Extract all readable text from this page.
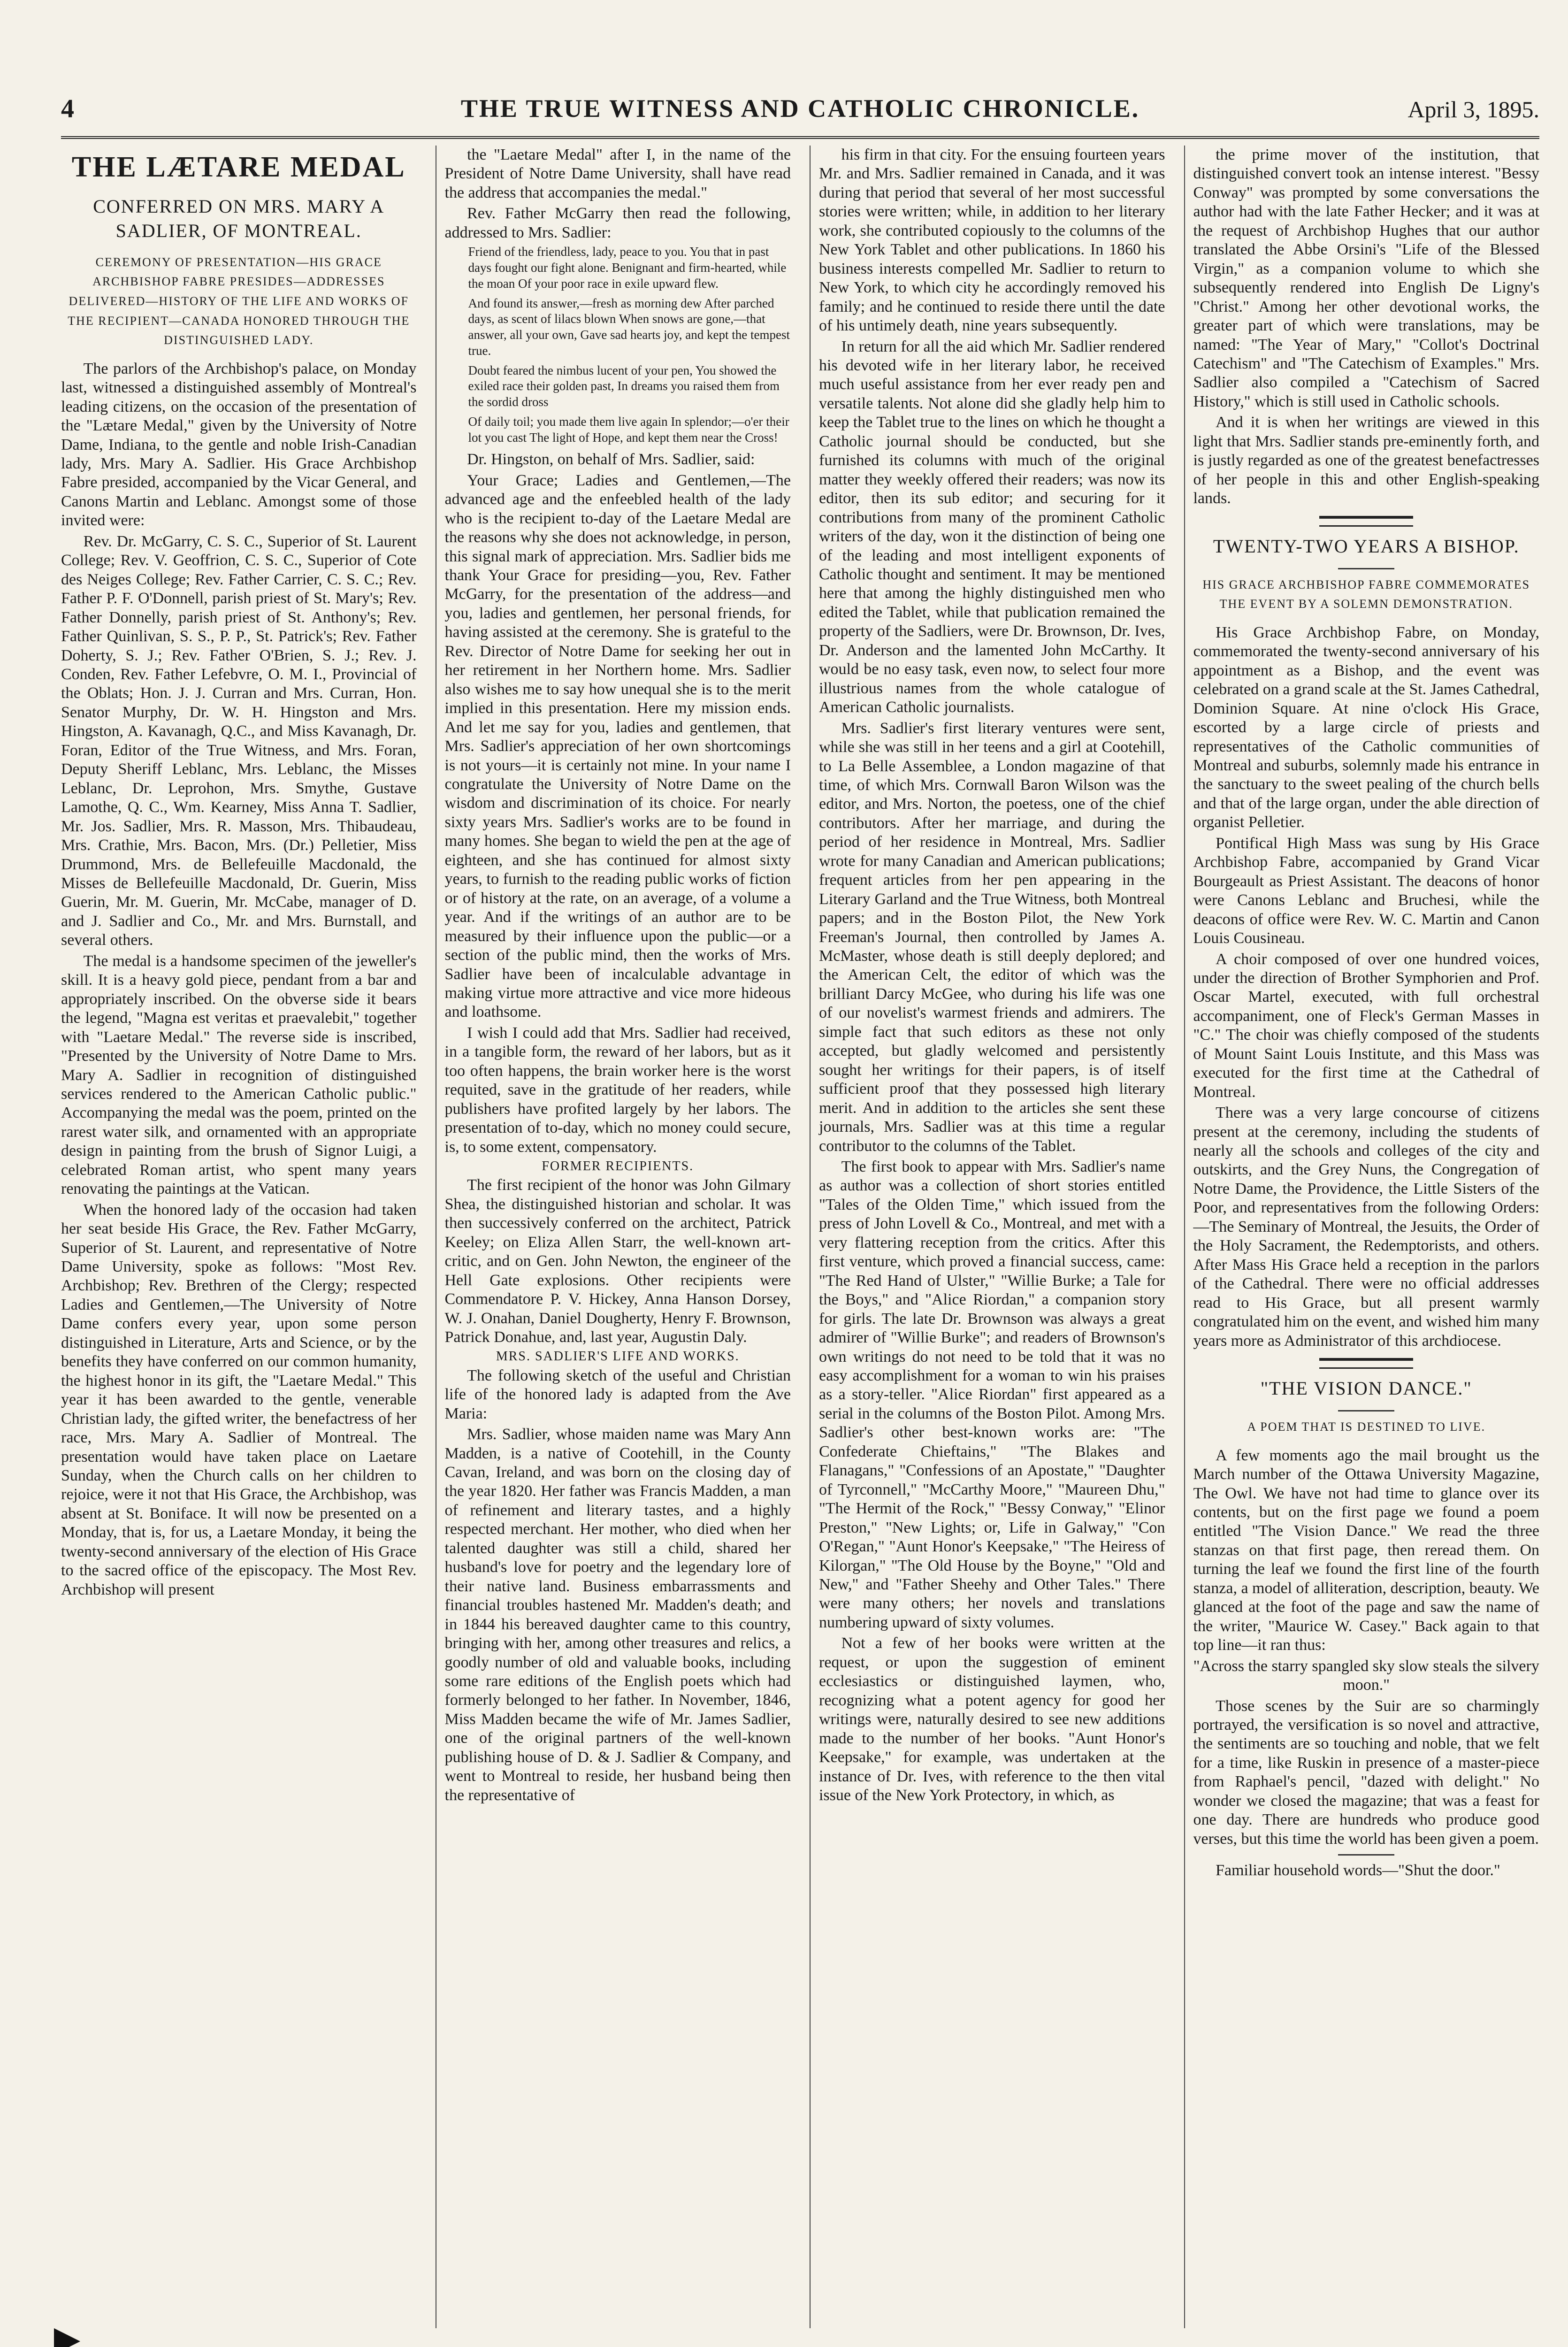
4	THE TRUE WITNESS AND CATHOLIC CHRONICLE.	April 3, 1895.
THE LÆTARE MEDAL
CONFERRED ON MRS. MARY A SADLIER, OF MONTREAL.
CEREMONY OF PRESENTATION—HIS GRACE ARCHBISHOP FABRE PRESIDES—ADDRESSES DELIVERED—HISTORY OF THE LIFE AND WORKS OF THE RECIPIENT—CANADA HONORED THROUGH THE DISTINGUISHED LADY.

The parlors of the Archbishop's palace, on Monday last, witnessed a distinguished assembly of Montreal's leading citizens, on the occasion of the presentation of the "Lætare Medal," given by the University of Notre Dame, Indiana, to the gentle and noble Irish-Canadian lady, Mrs. Mary A. Sadlier. His Grace Archbishop Fabre presided, accompanied by the Vicar General, and Canons Martin and Leblanc. Amongst some of those invited were:

Rev. Dr. McGarry, C. S. C., Superior of St. Laurent College; Rev. V. Geoffrion, C. S. C., Superior of Cote des Neiges College; Rev. Father Carrier, C. S. C.; Rev. Father P. F. O'Donnell, parish priest of St. Mary's; Rev. Father Donnelly, parish priest of St. Anthony's; Rev. Father Quinlivan, S. S., P. P., St. Patrick's; Rev. Father Doherty, S. J.; Rev. Father O'Brien, S. J.; Rev. J. Conden, Rev. Father Lefebvre, O. M. I., Provincial of the Oblats; Hon. J. J. Curran and Mrs. Curran, Hon. Senator Murphy, Dr. W. H. Hingston and Mrs. Hingston, A. Kavanagh, Q.C., and Miss Kavanagh, Dr. Foran, Editor of the True Witness, and Mrs. Foran, Deputy Sheriff Leblanc, Mrs. Leblanc, the Misses Leblanc, Dr. Leprohon, Mrs. Smythe, Gustave Lamothe, Q. C., Wm. Kearney, Miss Anna T. Sadlier, Mr. Jos. Sadlier, Mrs. R. Masson, Mrs. Thibaudeau, Mrs. Crathie, Mrs. Bacon, Mrs. (Dr.) Pelletier, Miss Drummond, Mrs. de Bellefeuille Macdonald, the Misses de Bellefeuille Macdonald, Dr. Guerin, Miss Guerin, Mr. M. Guerin, Mr. McCabe, manager of D. and J. Sadlier and Co., Mr. and Mrs. Burnstall, and several others.

The medal is a handsome specimen of the jeweller's skill. It is a heavy gold piece, pendant from a bar and appropriately inscribed. On the obverse side it bears the legend, "Magna est veritas et praevalebit," together with "Laetare Medal." The reverse side is inscribed, "Presented by the University of Notre Dame to Mrs. Mary A. Sadlier in recognition of distinguished services rendered to the American Catholic public." Accompanying the medal was the poem, printed on the rarest water silk, and ornamented with an appropriate design in painting from the brush of Signor Luigi, a celebrated Roman artist, who spent many years renovating the paintings at the Vatican.

When the honored lady of the occasion had taken her seat beside His Grace, the Rev. Father McGarry, Superior of St. Laurent, and representative of Notre Dame University, spoke as follows: "Most Rev. Archbishop; Rev. Brethren of the Clergy; respected Ladies and Gentlemen,—The University of Notre Dame confers every year, upon some person distinguished in Literature, Arts and Science, or by the benefits they have conferred on our common humanity, the highest honor in its gift, the "Laetare Medal." This year it has been awarded to the gentle, venerable Christian lady, the gifted writer, the benefactress of her race, Mrs. Mary A. Sadlier of Montreal. The presentation would have taken place on Laetare Sunday, when the Church calls on her children to rejoice, were it not that His Grace, the Archbishop, was absent at St. Boniface. It will now be presented on a Monday, that is, for us, a Laetare Monday, it being the twenty-second anniversary of the election of His Grace to the sacred office of the episcopacy. The Most Rev. Archbishop will present

the "Laetare Medal" after I, in the name of the President of Notre Dame University, shall have read the address that accompanies the medal."

Rev. Father McGarry then read the following, addressed to Mrs. Sadlier:

Friend of the friendless, lady, peace to you. You that in past days fought our fight alone. Benignant and firm-hearted, while the moan Of your poor race in exile upward flew.

And found its answer,—fresh as morning dew After parched days, as scent of lilacs blown When snows are gone,—that answer, all your own, Gave sad hearts joy, and kept the tempest true.

Doubt feared the nimbus lucent of your pen, You showed the exiled race their golden past, In dreams you raised them from the sordid dross

Of daily toil; you made them live again In splendor;—o'er their lot you cast The light of Hope, and kept them near the Cross!

Dr. Hingston, on behalf of Mrs. Sadlier, said:

Your Grace; Ladies and Gentlemen,—The advanced age and the enfeebled health of the lady who is the recipient to-day of the Laetare Medal are the reasons why she does not acknowledge, in person, this signal mark of appreciation. Mrs. Sadlier bids me thank Your Grace for presiding—you, Rev. Father McGarry, for the presentation of the address—and you, ladies and gentlemen, her personal friends, for having assisted at the ceremony. She is grateful to the Rev. Director of Notre Dame for seeking her out in her retirement in her Northern home. Mrs. Sadlier also wishes me to say how unequal she is to the merit implied in this presentation. Here my mission ends. And let me say for you, ladies and gentlemen, that Mrs. Sadlier's appreciation of her own shortcomings is not yours—it is certainly not mine. In your name I congratulate the University of Notre Dame on the wisdom and discrimination of its choice. For nearly sixty years Mrs. Sadlier's works are to be found in many homes. She began to wield the pen at the age of eighteen, and she has continued for almost sixty years, to furnish to the reading public works of fiction or of history at the rate, on an average, of a volume a year. And if the writings of an author are to be measured by their influence upon the public—or a section of the public mind, then the works of Mrs. Sadlier have been of incalculable advantage in making virtue more attractive and vice more hideous and loathsome.

I wish I could add that Mrs. Sadlier had received, in a tangible form, the reward of her labors, but as it too often happens, the brain worker here is the worst requited, save in the gratitude of her readers, while publishers have profited largely by her labors. The presentation of to-day, which no money could secure, is, to some extent, compensatory.

FORMER RECIPIENTS.

The first recipient of the honor was John Gilmary Shea, the distinguished historian and scholar. It was then successively conferred on the architect, Patrick Keeley; on Eliza Allen Starr, the well-known art-critic, and on Gen. John Newton, the engineer of the Hell Gate explosions. Other recipients were Commendatore P. V. Hickey, Anna Hanson Dorsey, W. J. Onahan, Daniel Dougherty, Henry F. Brownson, Patrick Donahue, and, last year, Augustin Daly.

MRS. SADLIER'S LIFE AND WORKS.

The following sketch of the useful and Christian life of the honored lady is adapted from the Ave Maria:

Mrs. Sadlier, whose maiden name was Mary Ann Madden, is a native of Cootehill, in the County Cavan, Ireland, and was born on the closing day of the year 1820. Her father was Francis Madden, a man of refinement and literary tastes, and a highly respected merchant. Her mother, who died when her talented daughter was still a child, shared her husband's love for poetry and the legendary lore of their native land. Business embarrassments and financial troubles hastened Mr. Madden's death; and in 1844 his bereaved daughter came to this country, bringing with her, among other treasures and relics, a goodly number of old and valuable books, including some rare editions of the English poets which had formerly belonged to her father. In November, 1846, Miss Madden became the wife of Mr. James Sadlier, one of the original partners of the well-known publishing house of D. & J. Sadlier & Company, and went to Montreal to reside, her husband being then the representative of

his firm in that city. For the ensuing fourteen years Mr. and Mrs. Sadlier remained in Canada, and it was during that period that several of her most successful stories were written; while, in addition to her literary work, she contributed copiously to the columns of the New York Tablet and other publications. In 1860 his business interests compelled Mr. Sadlier to return to New York, to which city he accordingly removed his family; and he continued to reside there until the date of his untimely death, nine years subsequently.

In return for all the aid which Mr. Sadlier rendered his devoted wife in her literary labor, he received much useful assistance from her ever ready pen and versatile talents. Not alone did she gladly help him to keep the Tablet true to the lines on which he thought a Catholic journal should be conducted, but she furnished its columns with much of the original matter they weekly offered their readers; was now its editor, then its sub editor; and securing for it contributions from many of the prominent Catholic writers of the day, won it the distinction of being one of the leading and most intelligent exponents of Catholic thought and sentiment. It may be mentioned here that among the highly distinguished men who edited the Tablet, while that publication remained the property of the Sadliers, were Dr. Brownson, Dr. Ives, Dr. Anderson and the lamented John McCarthy. It would be no easy task, even now, to select four more illustrious names from the whole catalogue of American Catholic journalists.

Mrs. Sadlier's first literary ventures were sent, while she was still in her teens and a girl at Cootehill, to La Belle Assemblee, a London magazine of that time, of which Mrs. Cornwall Baron Wilson was the editor, and Mrs. Norton, the poetess, one of the chief contributors. After her marriage, and during the period of her residence in Montreal, Mrs. Sadlier wrote for many Canadian and American publications; frequent articles from her pen appearing in the Literary Garland and the True Witness, both Montreal papers; and in the Boston Pilot, the New York Freeman's Journal, then controlled by James A. McMaster, whose death is still deeply deplored; and the American Celt, the editor of which was the brilliant Darcy McGee, who during his life was one of our novelist's warmest friends and admirers. The simple fact that such editors as these not only accepted, but gladly welcomed and persistently sought her writings for their papers, is of itself sufficient proof that they possessed high literary merit. And in addition to the articles she sent these journals, Mrs. Sadlier was at this time a regular contributor to the columns of the Tablet.

The first book to appear with Mrs. Sadlier's name as author was a collection of short stories entitled "Tales of the Olden Time," which issued from the press of John Lovell & Co., Montreal, and met with a very flattering reception from the critics. After this first venture, which proved a financial success, came: "The Red Hand of Ulster," "Willie Burke; a Tale for the Boys," and "Alice Riordan," a companion story for girls. The late Dr. Brownson was always a great admirer of "Willie Burke"; and readers of Brownson's own writings do not need to be told that it was no easy accomplishment for a woman to win his praises as a story-teller. "Alice Riordan" first appeared as a serial in the columns of the Boston Pilot. Among Mrs. Sadlier's other best-known works are: "The Confederate Chieftains," "The Blakes and Flanagans," "Confessions of an Apostate," "Daughter of Tyrconnell," "McCarthy Moore," "Maureen Dhu," "The Hermit of the Rock," "Bessy Conway," "Elinor Preston," "New Lights; or, Life in Galway," "Con O'Regan," "Aunt Honor's Keepsake," "The Heiress of Kilorgan," "The Old House by the Boyne," "Old and New," and "Father Sheehy and Other Tales." There were many others; her novels and translations numbering upward of sixty volumes.

Not a few of her books were written at the request, or upon the suggestion of eminent ecclesiastics or distinguished laymen, who, recognizing what a potent agency for good her writings were, naturally desired to see new additions made to the number of her books. "Aunt Honor's Keepsake," for example, was undertaken at the instance of Dr. Ives, with reference to the then vital issue of the New York Protectory, in which, as

the prime mover of the institution, that distinguished convert took an intense interest. "Bessy Conway" was prompted by some conversations the author had with the late Father Hecker; and it was at the request of Archbishop Hughes that our author translated the Abbe Orsini's "Life of the Blessed Virgin," as a companion volume to which she subsequently rendered into English De Ligny's "Christ." Among her other devotional works, the greater part of which were translations, may be named: "The Year of Mary," "Collot's Doctrinal Catechism" and "The Catechism of Examples." Mrs. Sadlier also compiled a "Catechism of Sacred History," which is still used in Catholic schools.

And it is when her writings are viewed in this light that Mrs. Sadlier stands pre-eminently forth, and is justly regarded as one of the greatest benefactresses of her people in this and other English-speaking lands.

TWENTY-TWO YEARS A BISHOP.
HIS GRACE ARCHBISHOP FABRE COMMEMORATES THE EVENT BY A SOLEMN DEMONSTRATION.

His Grace Archbishop Fabre, on Monday, commemorated the twenty-second anniversary of his appointment as a Bishop, and the event was celebrated on a grand scale at the St. James Cathedral, Dominion Square. At nine o'clock His Grace, escorted by a large circle of priests and representatives of the Catholic communities of Montreal and suburbs, solemnly made his entrance in the sanctuary to the sweet pealing of the church bells and that of the large organ, under the able direction of organist Pelletier.

Pontifical High Mass was sung by His Grace Archbishop Fabre, accompanied by Grand Vicar Bourgeault as Priest Assistant. The deacons of honor were Canons Leblanc and Bruchesi, while the deacons of office were Rev. W. C. Martin and Canon Louis Cousineau.

A choir composed of over one hundred voices, under the direction of Brother Symphorien and Prof. Oscar Martel, executed, with full orchestral accompaniment, one of Fleck's German Masses in "C." The choir was chiefly composed of the students of Mount Saint Louis Institute, and this Mass was executed for the first time at the Cathedral of Montreal.

There was a very large concourse of citizens present at the ceremony, including the students of nearly all the schools and colleges of the city and outskirts, and the Grey Nuns, the Congregation of Notre Dame, the Providence, the Little Sisters of the Poor, and representatives from the following Orders:—The Seminary of Montreal, the Jesuits, the Order of the Holy Sacrament, the Redemptorists, and others. After Mass His Grace held a reception in the parlors of the Cathedral. There were no official addresses read to His Grace, but all present warmly congratulated him on the event, and wished him many years more as Administrator of this archdiocese.

"THE VISION DANCE."
A POEM THAT IS DESTINED TO LIVE.

A few moments ago the mail brought us the March number of the Ottawa University Magazine, The Owl. We have not had time to glance over its contents, but on the first page we found a poem entitled "The Vision Dance." We read the three stanzas on that first page, then reread them. On turning the leaf we found the first line of the fourth stanza, a model of alliteration, description, beauty. We glanced at the foot of the page and saw the name of the writer, "Maurice W. Casey." Back again to that top line—it ran thus:

"Across the starry spangled sky slow steals the silvery moon."

Those scenes by the Suir are so charmingly portrayed, the versification is so novel and attractive, the sentiments are so touching and noble, that we felt for a time, like Ruskin in presence of a master-piece from Raphael's pencil, "dazed with delight." No wonder we closed the magazine; that was a feast for one day. There are hundreds who produce good verses, but this time the world has been given a poem.

Familiar household words—"Shut the door."
